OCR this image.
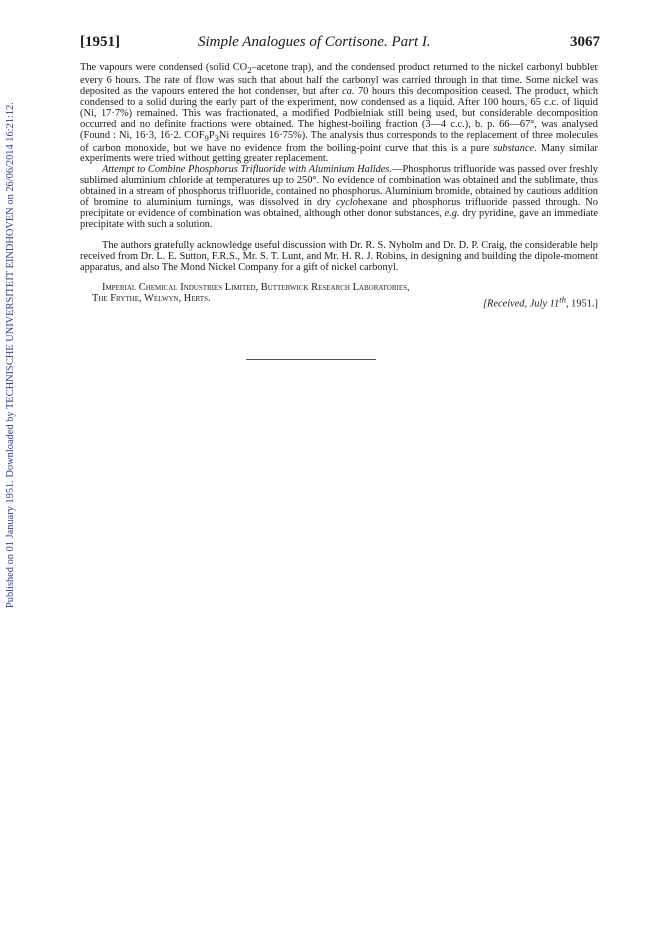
Published on 01 January 1951. Downloaded by TECHNISCHE UNIVERSITEIT EINDHOVEN on 26/06/2014 16:21:12.
[1951]	Simple Analogues of Cortisone. Part I.	3067

The vapours were condensed (solid $CO_2$–acetone trap), and the condensed product returned to the nickel carbonyl bubbler every 6 hours. The rate of flow was such that about half the carbonyl was carried through in that time. Some nickel was deposited as the vapours entered the hot condenser, but after ca. 70 hours this decomposition ceased. The product, which condensed to a solid during the early part of the experiment, now condensed as a liquid. After 100 hours, 65 c.c. of liquid (Ni, 17·7%) remained. This was fractionated, a modified Podbielniak still being used, but considerable decomposition occurred and no definite fractions were obtained. The highest-boiling fraction (3—4 c.c.), b. p. 66—67°, was analysed (Found : Ni, 16·3, 16·2. $COF_9P_3Ni$ requires 16·75%). The analysis thus corresponds to the replacement of three molecules of carbon monoxide, but we have no evidence from the boiling-point curve that this is a pure substance. Many similar experiments were tried without getting greater replacement.

Attempt to Combine Phosphorus Trifluoride with Aluminium Halides.—Phosphorus trifluoride was passed over freshly sublimed aluminium chloride at temperatures up to 250°. No evidence of combination was obtained and the sublimate, thus obtained in a stream of phosphorus trifluoride, contained no phosphorus. Aluminium bromide, obtained by cautious addition of bromine to aluminium turnings, was dissolved in dry cyclohexane and phosphorus trifluoride passed through. No precipitate or evidence of combination was obtained, although other donor substances, e.g. dry pyridine, gave an immediate precipitate with such a solution.

The authors gratefully acknowledge useful discussion with Dr. R. S. Nyholm and Dr. D. P. Craig, the considerable help received from Dr. L. E. Sutton, F.R.S., Mr. S. T. Lunt, and Mr. H. R. J. Robins, in designing and building the dipole-moment apparatus, and also The Mond Nickel Company for a gift of nickel carbonyl.

Imperial Chemical Industries Limited, Butterwick Research Laboratories,

The Frythe, Welwyn, Herts.	[Received, July 11th, 1951.]
